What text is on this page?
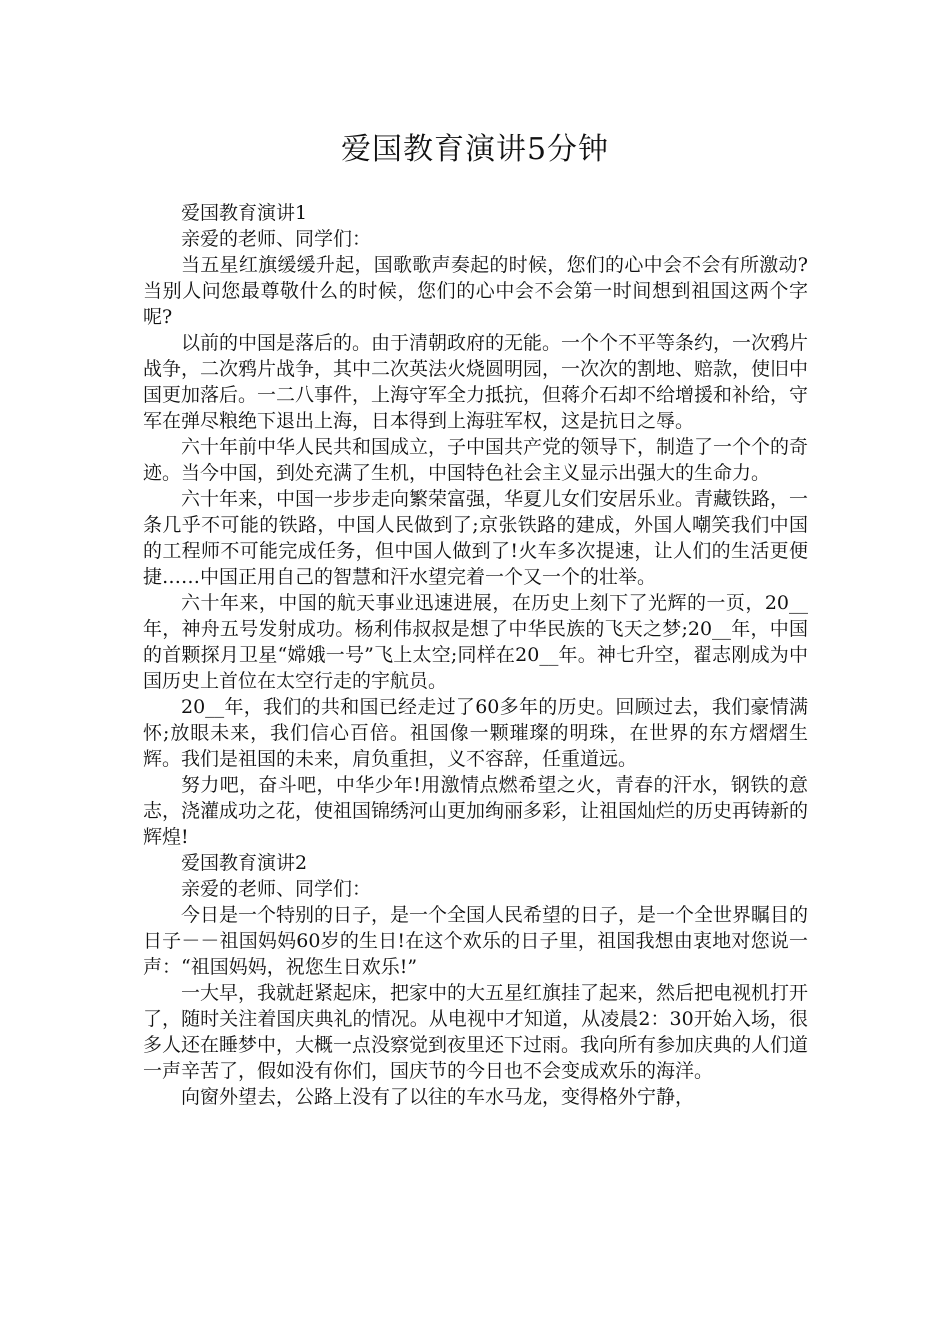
爱国教育演讲5分钟

爱国教育演讲1

亲爱的老师、同学们：

当五星红旗缓缓升起，国歌歌声奏起的时候，您们的心中会不会有所激动?当别人问您最尊敬什么的时候，您们的心中会不会第一时间想到祖国这两个字呢?

以前的中国是落后的。由于清朝政府的无能。一个个不平等条约，一次鸦片战争，二次鸦片战争，其中二次英法火烧圆明园，一次次的割地、赔款，使旧中国更加落后。一二八事件，上海守军全力抵抗，但蒋介石却不给增援和补给，守军在弹尽粮绝下退出上海，日本得到上海驻军权，这是抗日之辱。

六十年前中华人民共和国成立，子中国共产党的领导下，制造了一个个的奇迹。当今中国，到处充满了生机，中国特色社会主义显示出强大的生命力。

六十年来，中国一步步走向繁荣富强，华夏儿女们安居乐业。青藏铁路，一条几乎不可能的铁路，中国人民做到了;京张铁路的建成，外国人嘲笑我们中国的工程师不可能完成任务，但中国人做到了!火车多次提速，让人们的生活更便捷……中国正用自己的智慧和汗水望完着一个又一个的壮举。

六十年来，中国的航天事业迅速进展，在历史上刻下了光辉的一页，20__年，神舟五号发射成功。杨利伟叔叔是想了中华民族的飞天之梦;20__年，中国的首颗探月卫星“嫦娥一号”飞上太空;同样在20__年。神七升空，翟志刚成为中国历史上首位在太空行走的宇航员。

20__年，我们的共和国已经走过了60多年的历史。回顾过去，我们豪情满怀;放眼未来，我们信心百倍。祖国像一颗璀璨的明珠，在世界的东方熠熠生辉。我们是祖国的未来，肩负重担，义不容辞，任重道远。

努力吧，奋斗吧，中华少年!用激情点燃希望之火，青春的汗水，钢铁的意志，浇灌成功之花，使祖国锦绣河山更加绚丽多彩，让祖国灿烂的历史再铸新的辉煌!

爱国教育演讲2

亲爱的老师、同学们：

今日是一个特别的日子，是一个全国人民希望的日子，是一个全世界瞩目的日子－－祖国妈妈60岁的生日!在这个欢乐的日子里，祖国我想由衷地对您说一声：“祖国妈妈，祝您生日欢乐!”

一大早，我就赶紧起床，把家中的大五星红旗挂了起来，然后把电视机打开了，随时关注着国庆典礼的情况。从电视中才知道，从凌晨2：30开始入场，很多人还在睡梦中，大概一点没察觉到夜里还下过雨。我向所有参加庆典的人们道一声辛苦了，假如没有你们，国庆节的今日也不会变成欢乐的海洋。

向窗外望去，公路上没有了以往的车水马龙，变得格外宁静，
